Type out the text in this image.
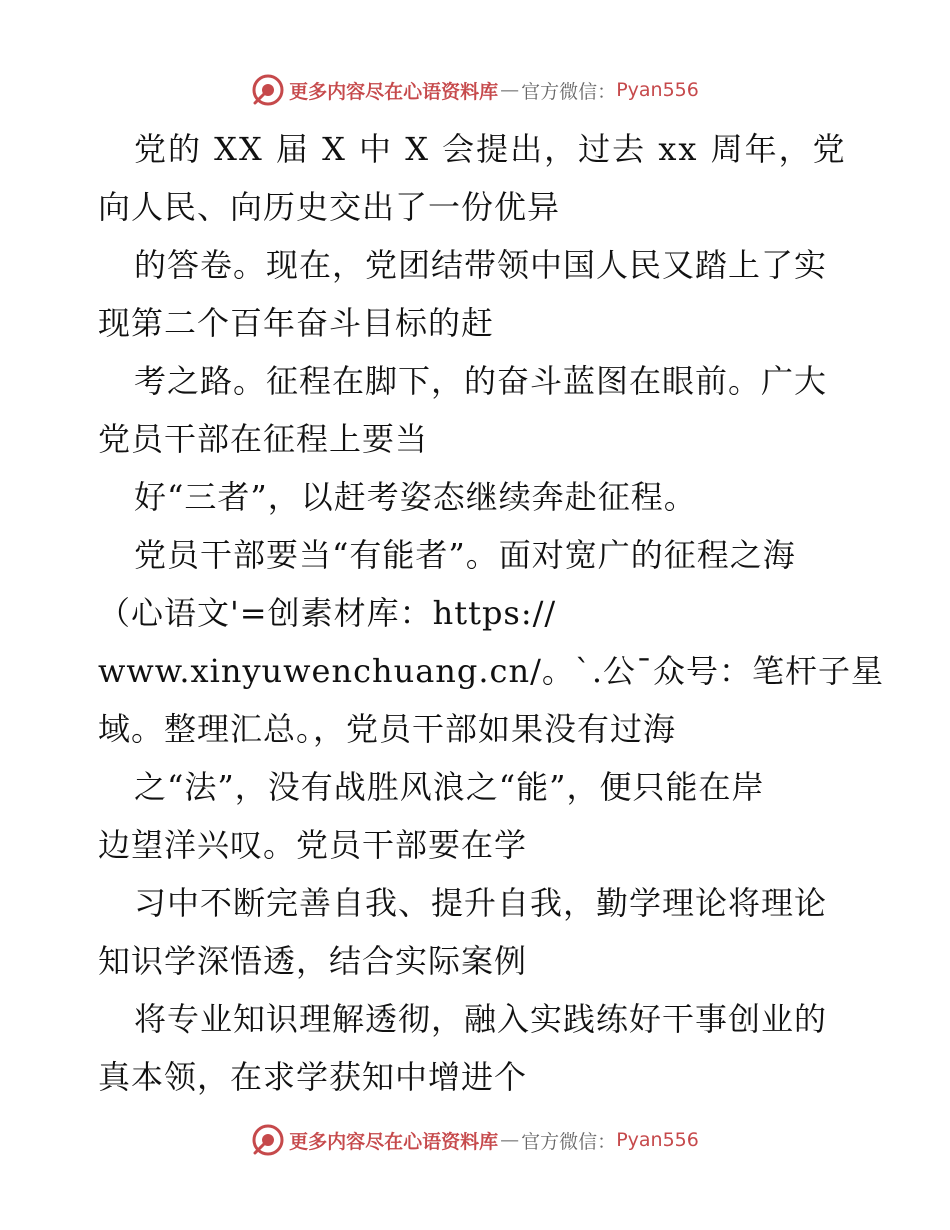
更多内容尽在心语资料库 — 官方微信： Pyan556
党的 XX 届 X 中 X 会提出，过去 xx 周年，党
向人民、向历史交出了一份优异
的答卷。现在，党团结带领中国人民又踏上了实
现第二个百年奋斗目标的赶
考之路。征程在脚下，的奋斗蓝图在眼前。广大
党员干部在征程上要当
好“三者”，以赶考姿态继续奔赴征程。
党员干部要当“有能者”。面对宽广的征程之海
（心语文'=创素材库：https://
www.xinyuwenchuang.cn/。`.公¯众号：笔杆子星
域。整理汇总。，党员干部如果没有过海
之“法”，没有战胜风浪之“能”，便只能在岸
边望洋兴叹。党员干部要在学
习中不断完善自我、提升自我，勤学理论将理论
知识学深悟透，结合实际案例
将专业知识理解透彻，融入实践练好干事创业的
真本领，在求学获知中增进个
更多内容尽在心语资料库 — 官方微信： Pyan556
